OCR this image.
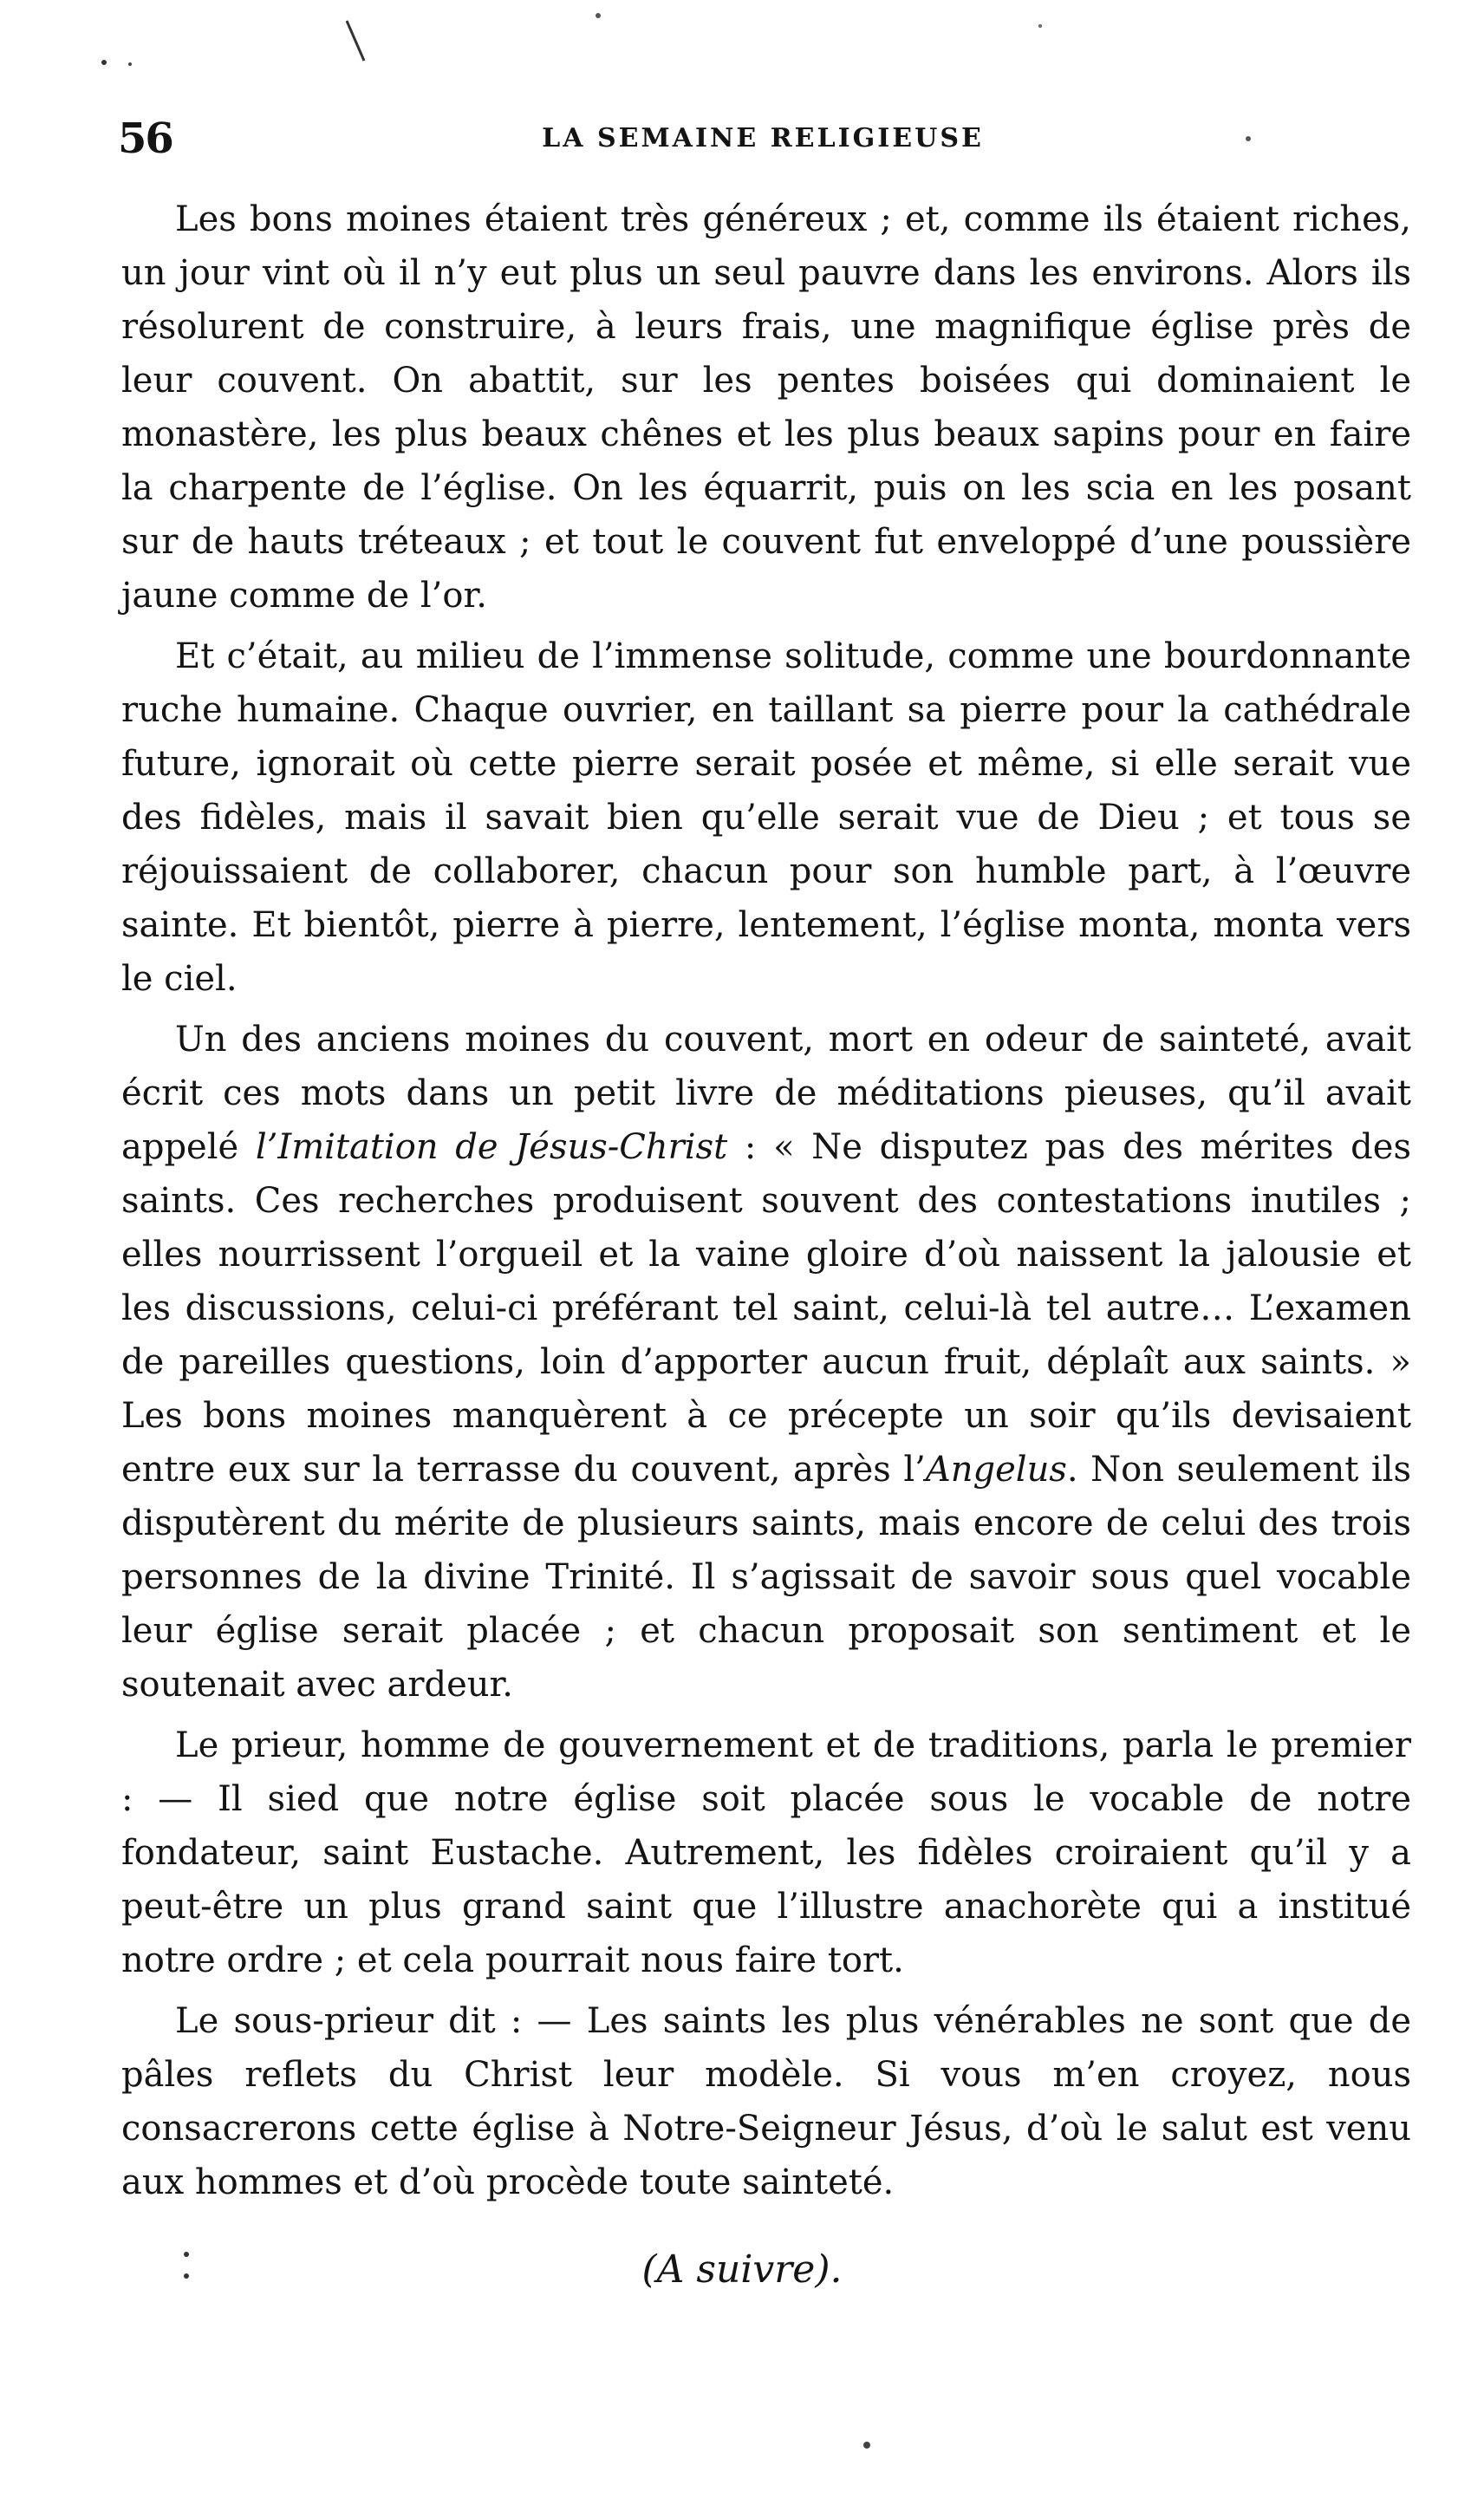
56	LA SEMAINE RELIGIEUSE

Les bons moines étaient très généreux ; et, comme ils étaient riches, un jour vint où il n’y eut plus un seul pauvre dans les environs. Alors ils résolurent de construire, à leurs frais, une magnifique église près de leur couvent. On abattit, sur les pentes boisées qui dominaient le monastère, les plus beaux chênes et les plus beaux sapins pour en faire la charpente de l’église. On les équarrit, puis on les scia en les posant sur de hauts tréteaux ; et tout le couvent fut enveloppé d’une poussière jaune comme de l’or.

Et c’était, au milieu de l’immense solitude, comme une bourdonnante ruche humaine. Chaque ouvrier, en taillant sa pierre pour la cathédrale future, ignorait où cette pierre serait posée et même, si elle serait vue des fidèles, mais il savait bien qu’elle serait vue de Dieu ; et tous se réjouissaient de collaborer, chacun pour son humble part, à l’œuvre sainte. Et bientôt, pierre à pierre, lentement, l’église monta, monta vers le ciel.

Un des anciens moines du couvent, mort en odeur de sainteté, avait écrit ces mots dans un petit livre de méditations pieuses, qu’il avait appelé l’Imitation de Jésus-Christ : « Ne disputez pas des mérites des saints. Ces recherches produisent souvent des contestations inutiles ; elles nourrissent l’orgueil et la vaine gloire d’où naissent la jalousie et les discussions, celui-ci préférant tel saint, celui-là tel autre… L’examen de pareilles questions, loin d’apporter aucun fruit, déplaît aux saints. » Les bons moines manquèrent à ce précepte un soir qu’ils devisaient entre eux sur la terrasse du couvent, après l’Angelus. Non seulement ils disputèrent du mérite de plusieurs saints, mais encore de celui des trois personnes de la divine Trinité. Il s’agissait de savoir sous quel vocable leur église serait placée ; et chacun proposait son sentiment et le soutenait avec ardeur.

Le prieur, homme de gouvernement et de traditions, parla le premier : — Il sied que notre église soit placée sous le vocable de notre fondateur, saint Eustache. Autrement, les fidèles croiraient qu’il y a peut-être un plus grand saint que l’illustre anachorète qui a institué notre ordre ; et cela pourrait nous faire tort.

Le sous-prieur dit : — Les saints les plus vénérables ne sont que de pâles reflets du Christ leur modèle. Si vous m’en croyez, nous consacrerons cette église à Notre-Seigneur Jésus, d’où le salut est venu aux hommes et d’où procède toute sainteté.

(A suivre).
